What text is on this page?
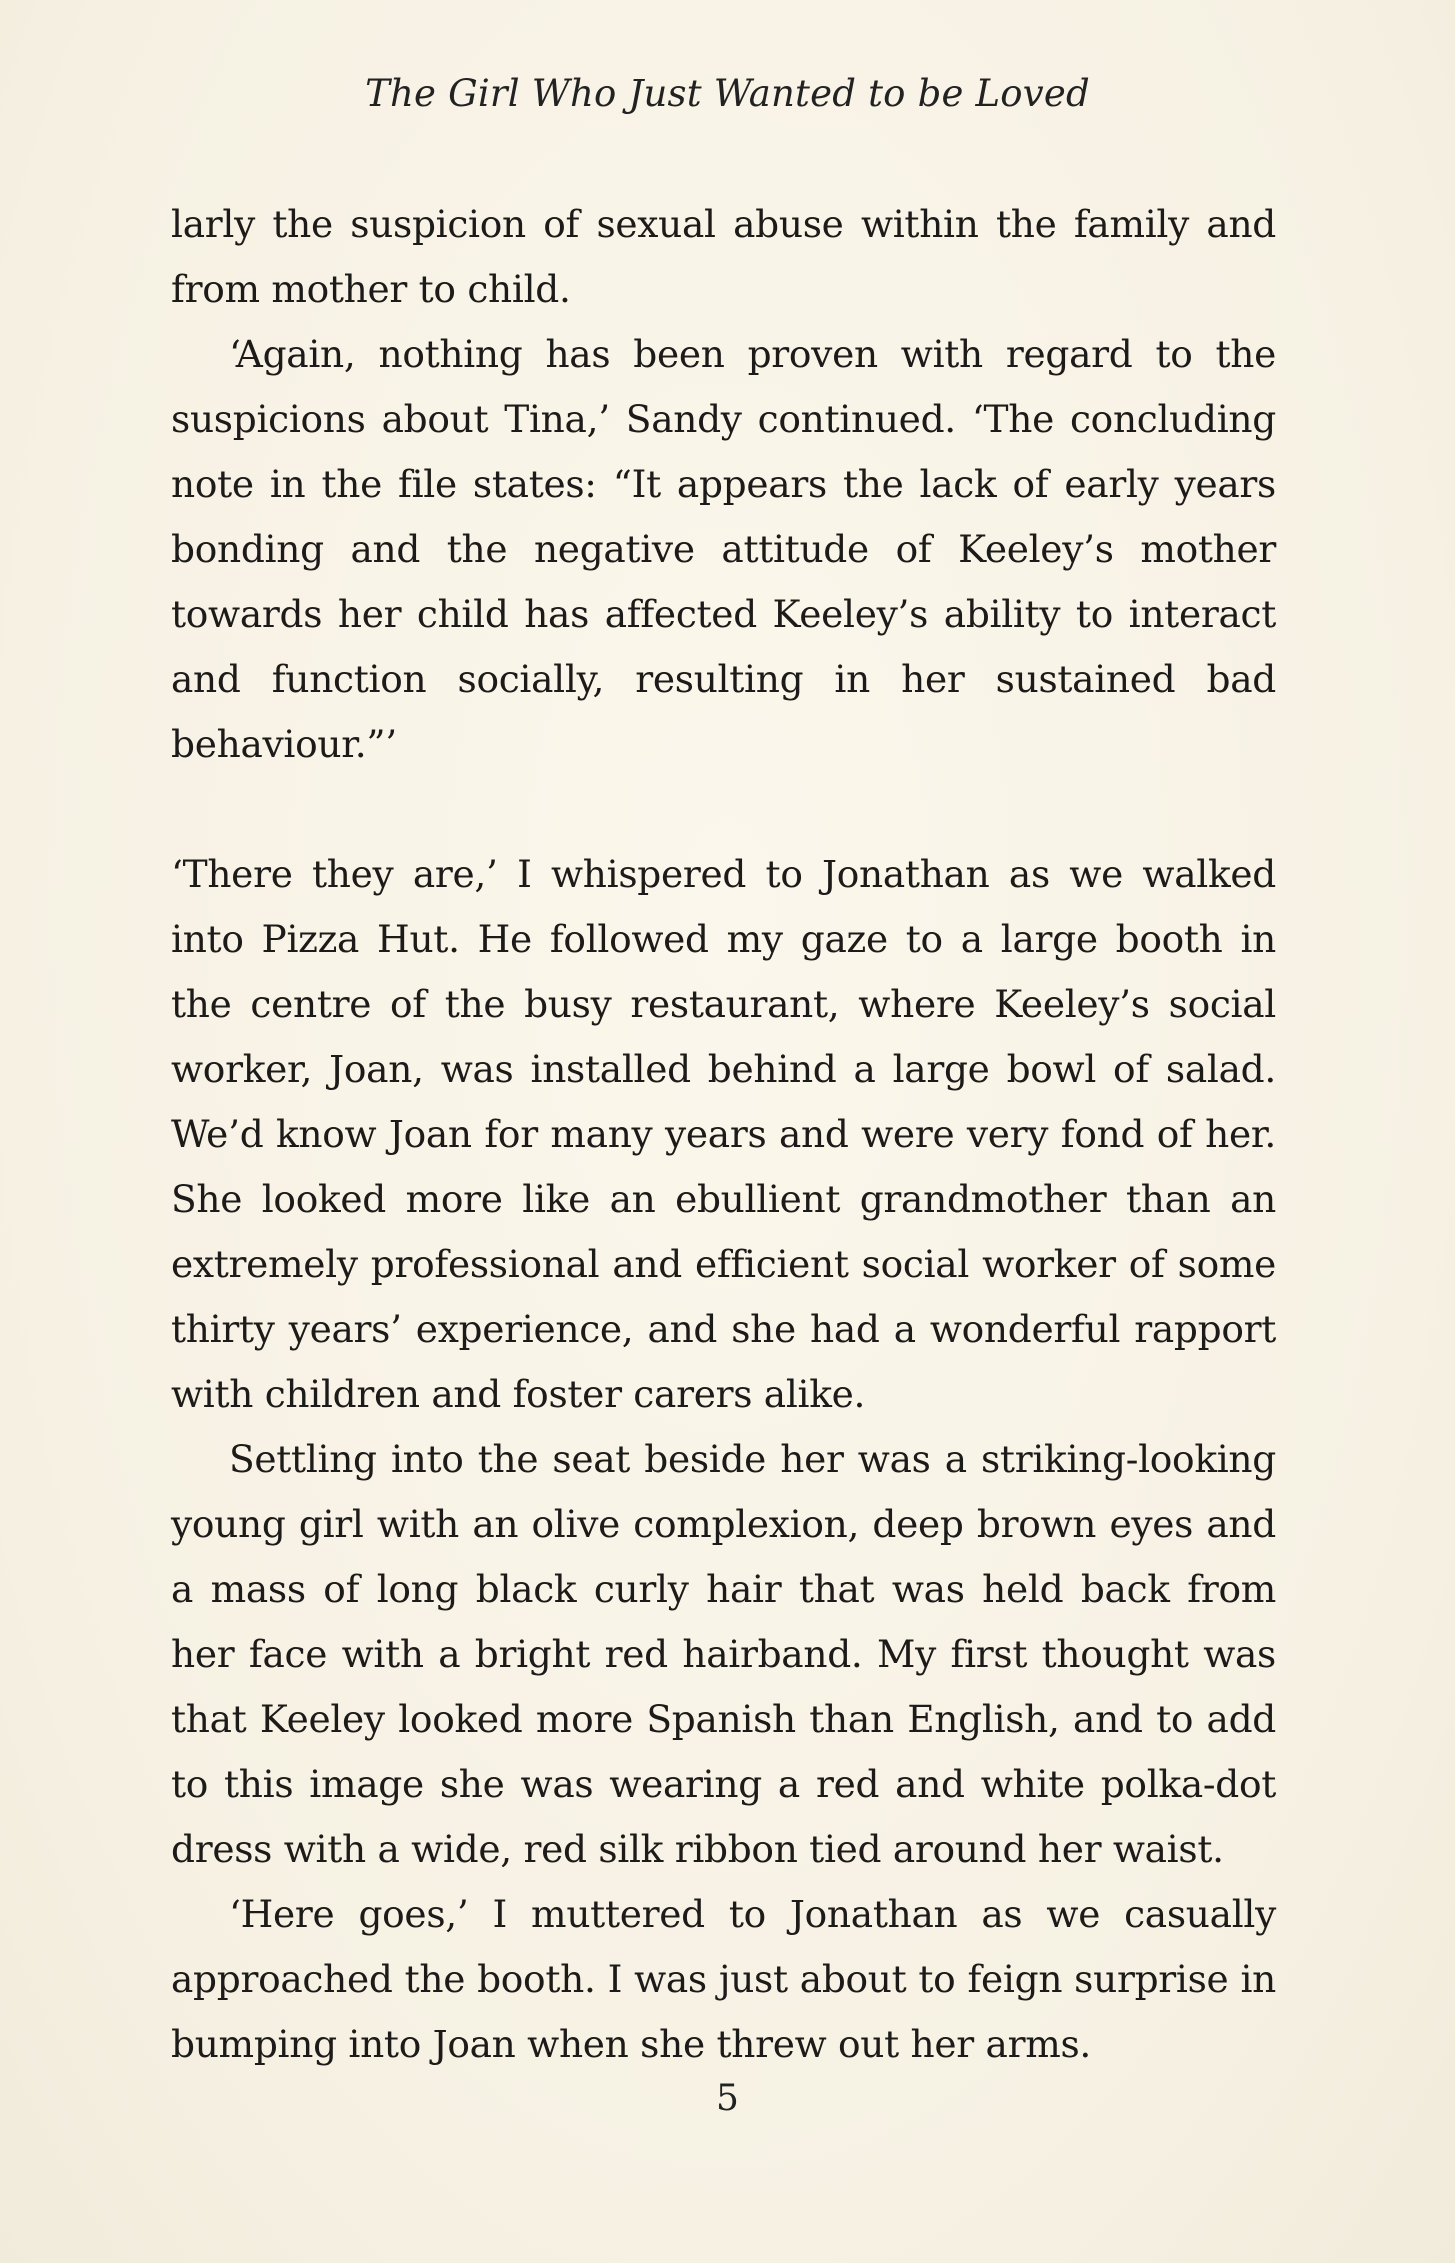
The Girl Who Just Wanted to be Loved

larly the suspicion of sexual abuse within the family and from mother to child.

‘Again, nothing has been proven with regard to the suspicions about Tina,’ Sandy continued. ‘The concluding note in the file states: “It appears the lack of early years bonding and the negative attitude of Keeley’s mother towards her child has affected Keeley’s ability to interact and function socially, resulting in her sustained bad behaviour.”’

‘There they are,’ I whispered to Jonathan as we walked into Pizza Hut. He followed my gaze to a large booth in the centre of the busy restaurant, where Keeley’s social worker, Joan, was installed behind a large bowl of salad. We’d know Joan for many years and were very fond of her. She looked more like an ebullient grandmother than an extremely professional and efficient social worker of some thirty years’ experience, and she had a wonderful rapport with children and foster carers alike.

Settling into the seat beside her was a striking-looking young girl with an olive complexion, deep brown eyes and a mass of long black curly hair that was held back from her face with a bright red hairband. My first thought was that Keeley looked more Spanish than English, and to add to this image she was wearing a red and white polka-dot dress with a wide, red silk ribbon tied around her waist.

‘Here goes,’ I muttered to Jonathan as we casually approached the booth. I was just about to feign surprise in bumping into Joan when she threw out her arms.

5
